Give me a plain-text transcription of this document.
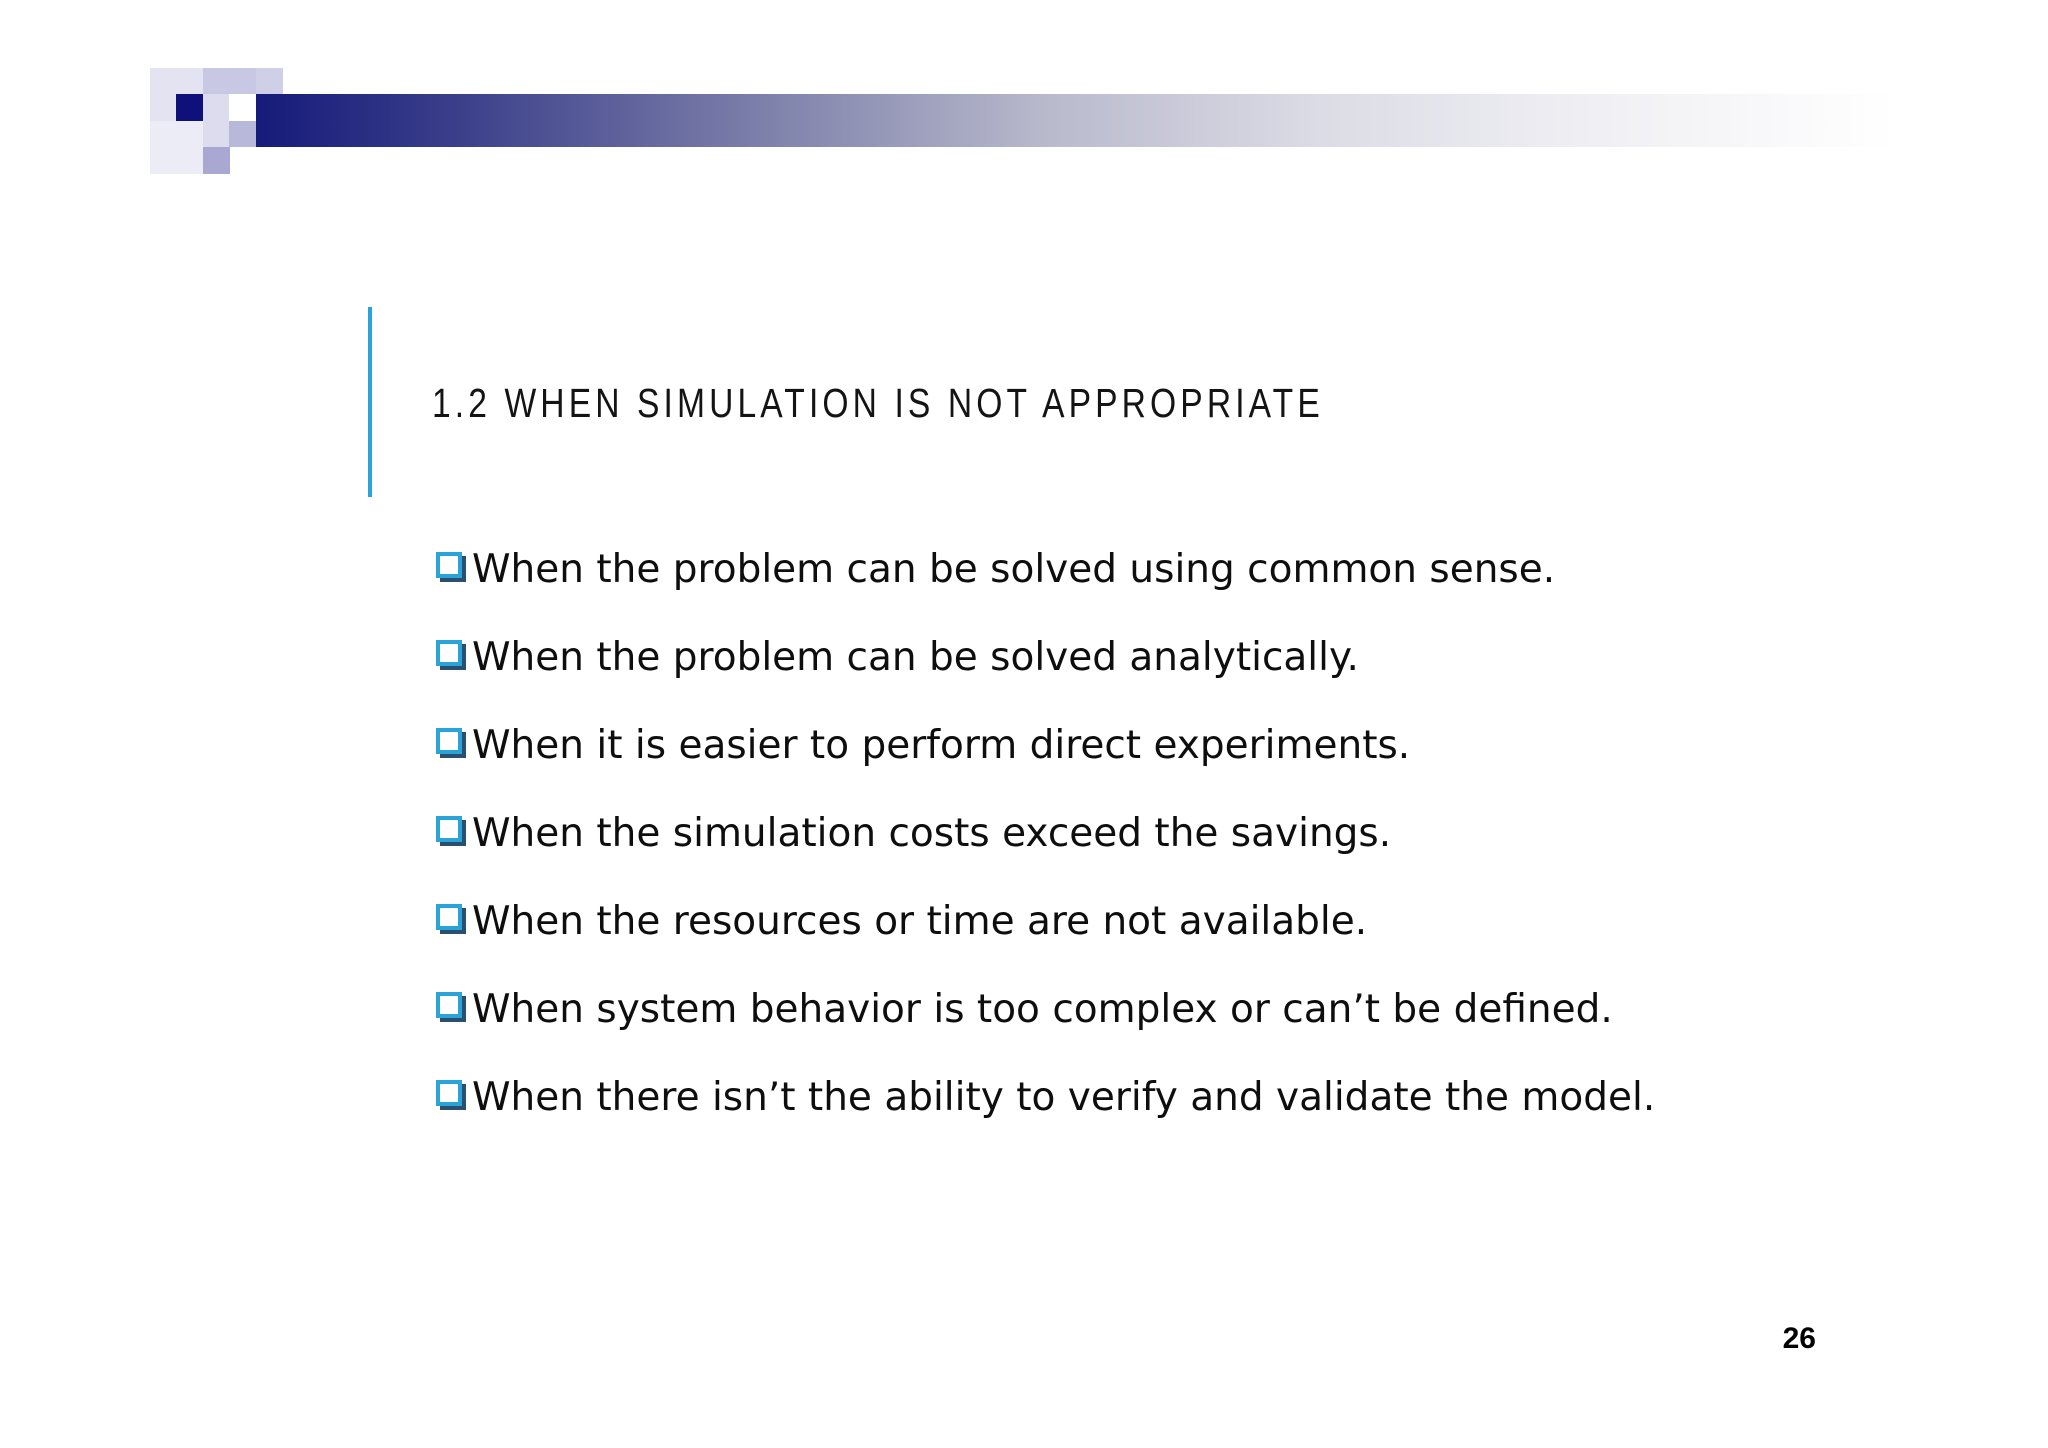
1.2 WHEN SIMULATION IS NOT APPROPRIATE
When the problem can be solved using common sense.
When the problem can be solved analytically.
When it is easier to perform direct experiments.
When the simulation costs exceed the savings.
When the resources or time are not available.
When system behavior is too complex or can’t be defined.
When there isn’t the ability to verify and validate the model.
26
